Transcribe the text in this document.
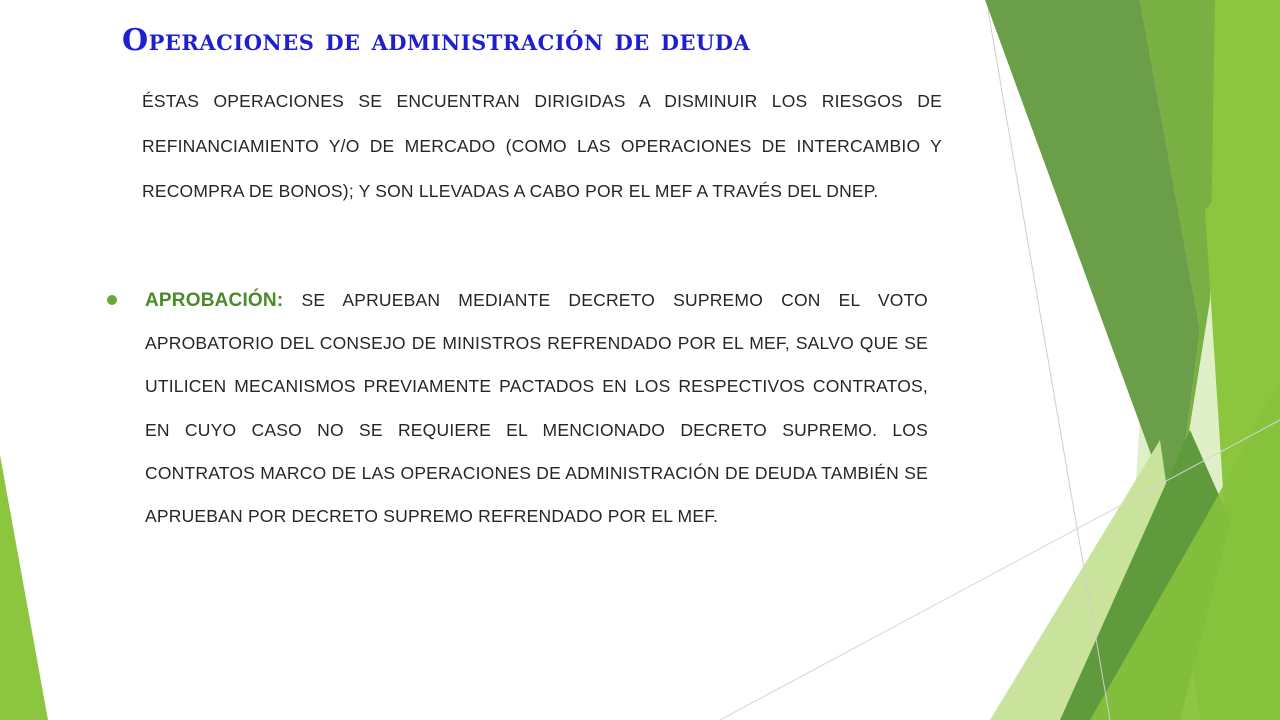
Operaciones de administración de deuda

ÉSTAS OPERACIONES SE ENCUENTRAN DIRIGIDAS A DISMINUIR LOS RIESGOS DE REFINANCIAMIENTO Y/O DE MERCADO (COMO LAS OPERACIONES DE INTERCAMBIO Y RECOMPRA DE BONOS); Y SON LLEVADAS A CABO POR EL MEF A TRAVÉS DEL DNEP.

APROBACIÓN: SE APRUEBAN MEDIANTE DECRETO SUPREMO CON EL VOTO APROBATORIO DEL CONSEJO DE MINISTROS REFRENDADO POR EL MEF, SALVO QUE SE UTILICEN MECANISMOS PREVIAMENTE PACTADOS EN LOS RESPECTIVOS CONTRATOS, EN CUYO CASO NO SE REQUIERE EL MENCIONADO DECRETO SUPREMO. LOS CONTRATOS MARCO DE LAS OPERACIONES DE ADMINISTRACIÓN DE DEUDA TAMBIÉN SE APRUEBAN POR DECRETO SUPREMO REFRENDADO POR EL MEF.
